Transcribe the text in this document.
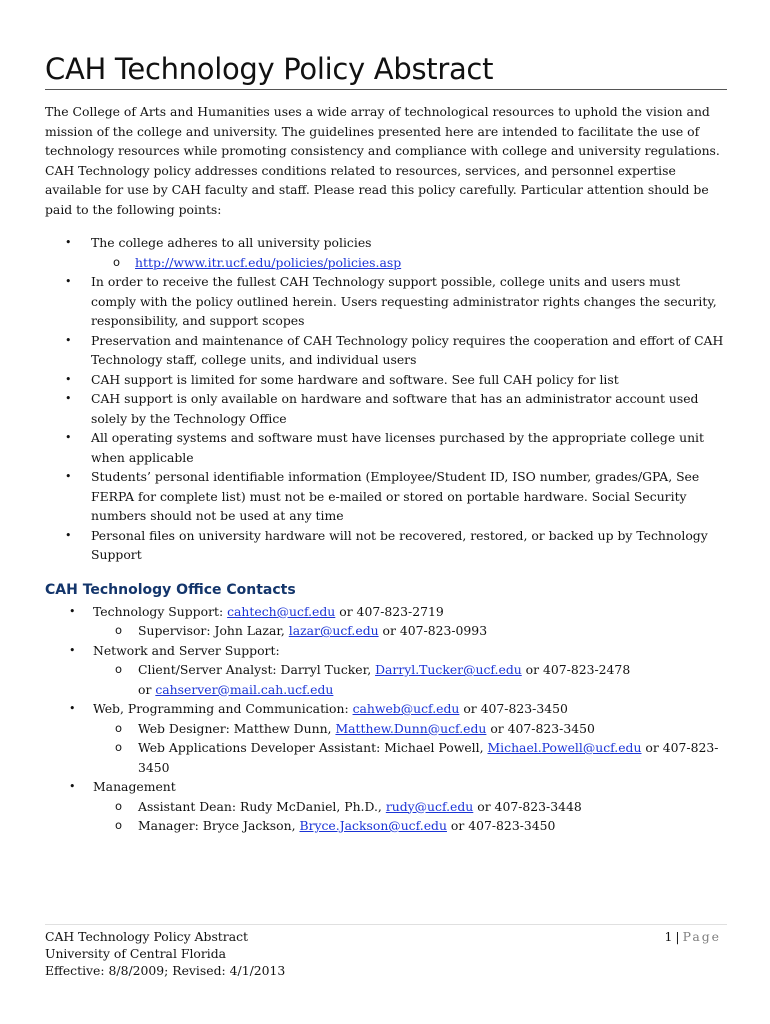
CAH Technology Policy Abstract

The College of Arts and Humanities uses a wide array of technological resources to uphold the vision and mission of the college and university. The guidelines presented here are intended to facilitate the use of technology resources while promoting consistency and compliance with college and university regulations. CAH Technology policy addresses conditions related to resources, services, and personnel expertise available for use by CAH faculty and staff. Please read this policy carefully. Particular attention should be paid to the following points:

• The college adheres to all university policies
o http://www.itr.ucf.edu/policies/policies.asp
• In order to receive the fullest CAH Technology support possible, college units and users must comply with the policy outlined herein. Users requesting administrator rights changes the security, responsibility, and support scopes
• Preservation and maintenance of CAH Technology policy requires the cooperation and effort of CAH Technology staff, college units, and individual users
• CAH support is limited for some hardware and software. See full CAH policy for list
• CAH support is only available on hardware and software that has an administrator account used solely by the Technology Office
• All operating systems and software must have licenses purchased by the appropriate college unit when applicable
• Students’ personal identifiable information (Employee/Student ID, ISO number, grades/GPA, See FERPA for complete list) must not be e-mailed or stored on portable hardware. Social Security numbers should not be used at any time
• Personal files on university hardware will not be recovered, restored, or backed up by Technology Support
CAH Technology Office Contacts
• Technology Support: cahtech@ucf.edu or 407-823-2719
o Supervisor: John Lazar, lazar@ucf.edu or 407-823-0993
• Network and Server Support:
o Client/Server Analyst: Darryl Tucker, Darryl.Tucker@ucf.edu or 407-823-2478
or cahserver@mail.cah.ucf.edu
• Web, Programming and Communication: cahweb@ucf.edu or 407-823-3450
o Web Designer: Matthew Dunn, Matthew.Dunn@ucf.edu or 407-823-3450
o Web Applications Developer Assistant: Michael Powell, Michael.Powell@ucf.edu or 407-823-3450
• Management
o Assistant Dean: Rudy McDaniel, Ph.D., rudy@ucf.edu or 407-823-3448
o Manager: Bryce Jackson, Bryce.Jackson@ucf.edu or 407-823-3450
CAH Technology Policy Abstract
University of Central Florida
Effective: 8/8/2009; Revised: 4/1/2013
1 | Page
